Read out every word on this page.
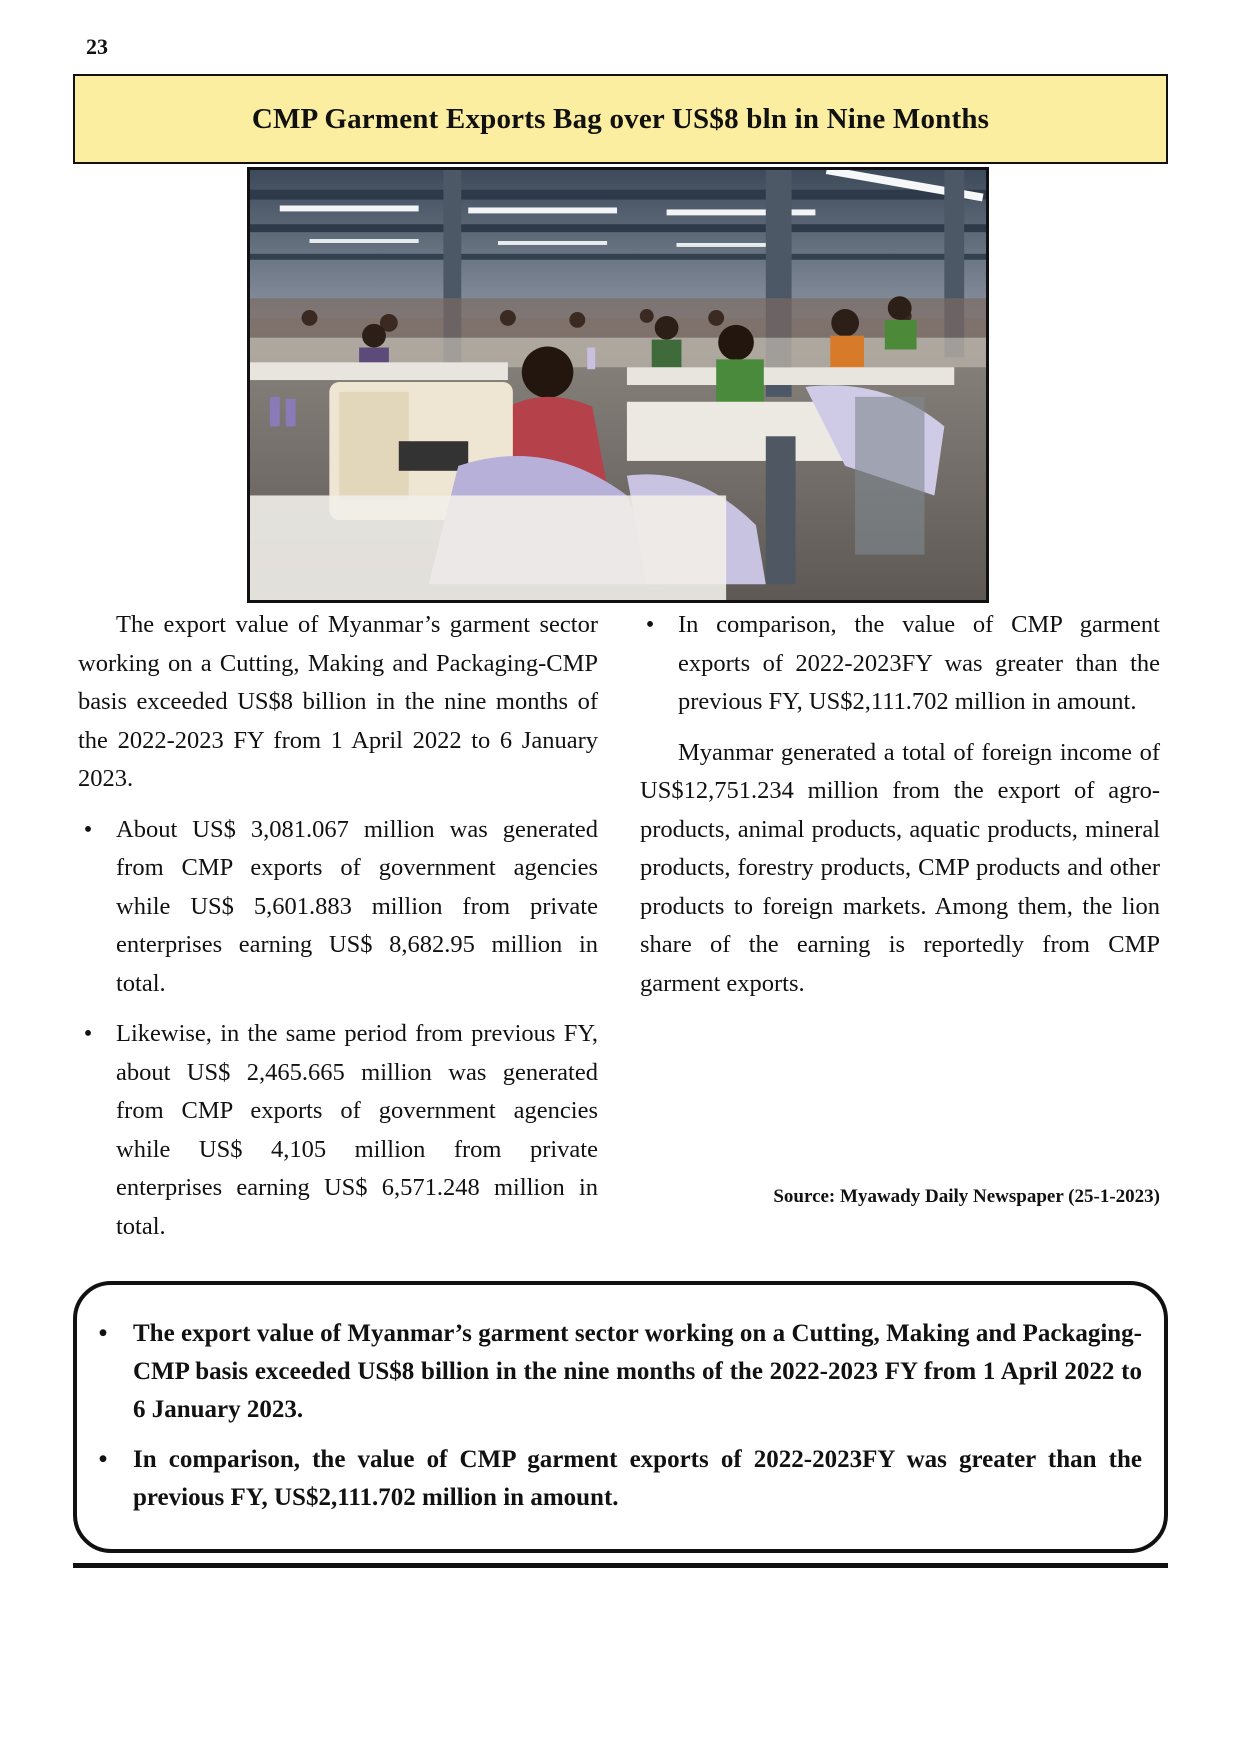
23
CMP Garment Exports Bag over US$8 bln in Nine Months

The export value of Myanmar’s garment sector working on a Cutting, Making and Packaging-CMP basis exceeded US$8 billion in the nine months of the 2022-2023 FY from 1 April 2022 to 6 January 2023.

• About US$ 3,081.067 million was generated from CMP exports of government agencies while US$ 5,601.883 million from private enterprises earning US$ 8,682.95 million in total.
• Likewise, in the same period from previous FY, about US$ 2,465.665 million was generated from CMP exports of government agencies while US$ 4,105 million from private enterprises earning US$ 6,571.248 million in total.
• In comparison, the value of CMP garment exports of 2022-2023FY was greater than the previous FY, US$2,111.702 million in amount.

Myanmar generated a total of foreign income of US$12,751.234 million from the export of agro-products, animal products, aquatic products, mineral products, forestry products, CMP products and other products to foreign markets. Among them, the lion share of the earning is reportedly from CMP garment exports.

Source: Myawady Daily Newspaper (25-1-2023)
• The export value of Myanmar’s garment sector working on a Cutting, Making and Packaging-CMP basis exceeded US$8 billion in the nine months of the 2022-2023 FY from 1 April 2022 to 6 January 2023.
• In comparison, the value of CMP garment exports of 2022-2023FY was greater than the previous FY, US$2,111.702 million in amount.
